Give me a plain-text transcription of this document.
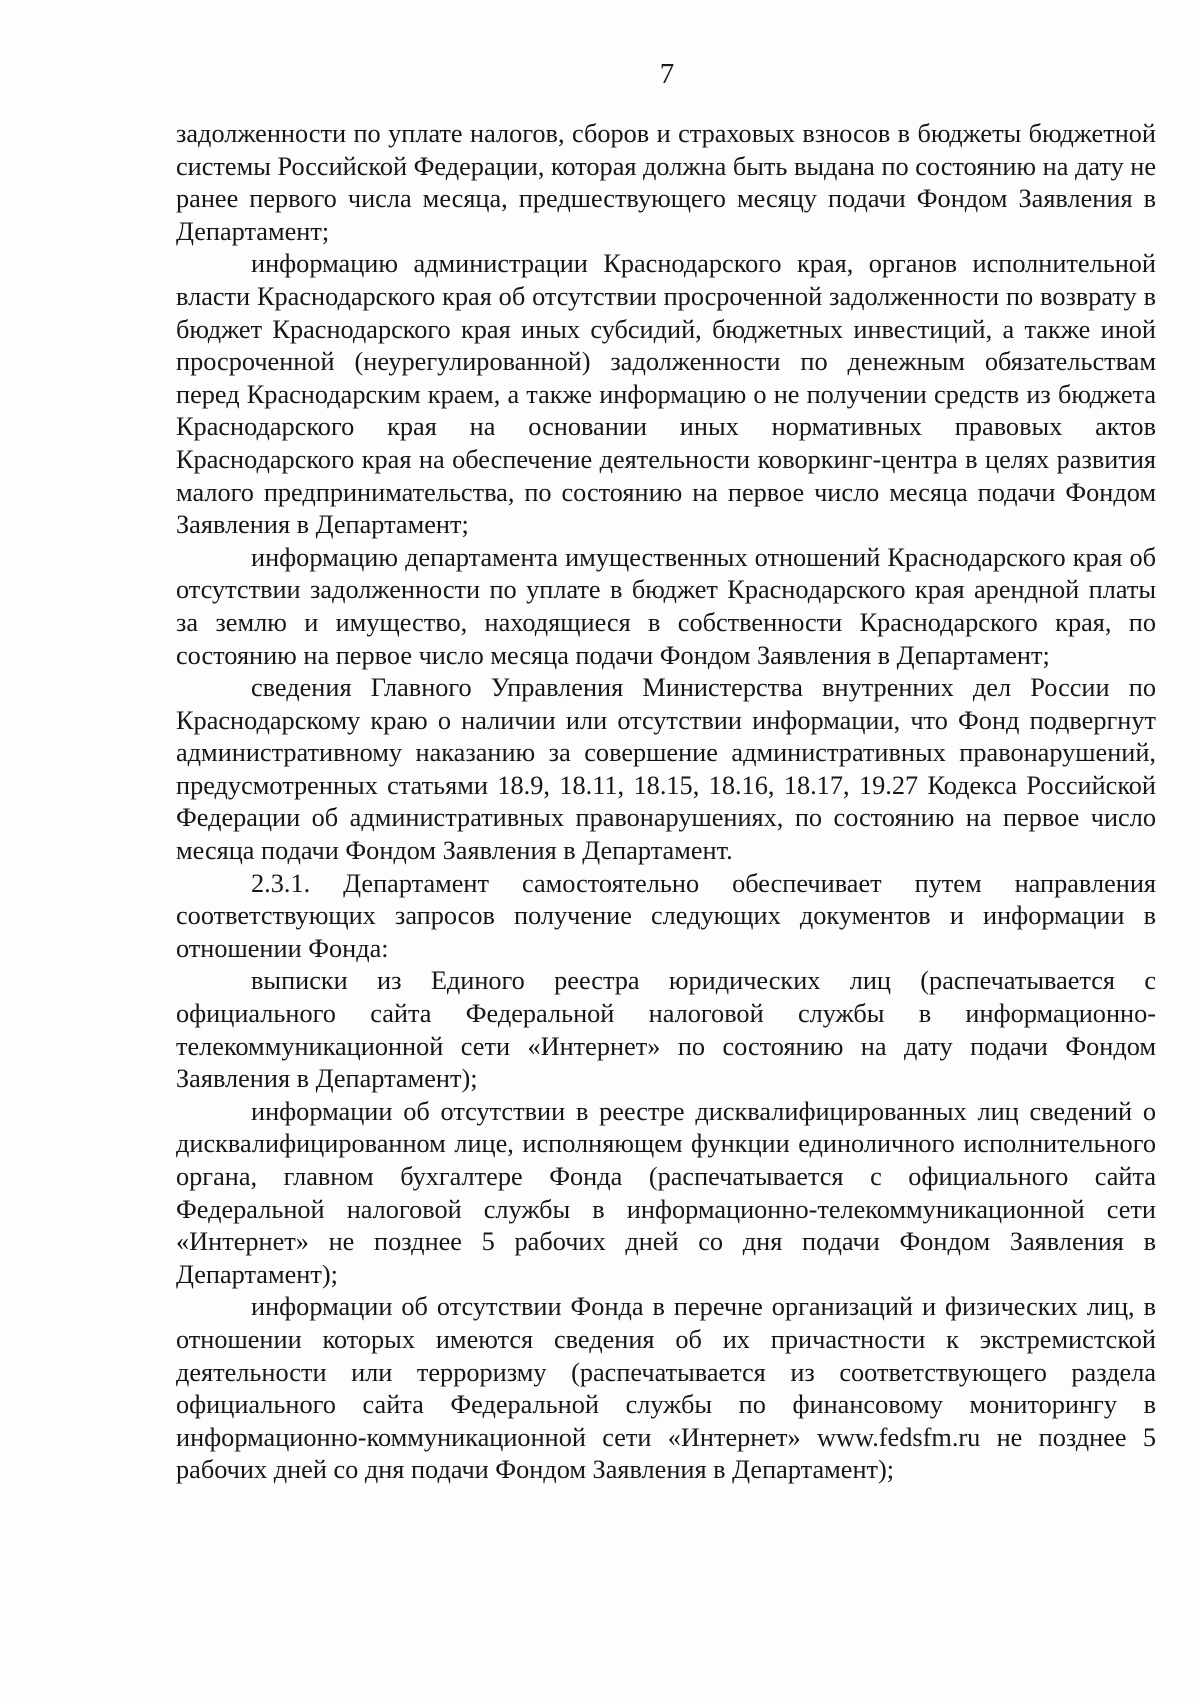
7

задолженности по уплате налогов, сборов и страховых взносов в бюджеты бюджетной системы Российской Федерации, которая должна быть выдана по состоянию на дату не ранее первого числа месяца, предшествующего месяцу подачи Фондом Заявления в Департамент;

информацию администрации Краснодарского края, органов исполнительной власти Краснодарского края об отсутствии просроченной задолженности по возврату в бюджет Краснодарского края иных субсидий, бюджетных инвестиций, а также иной просроченной (неурегулированной) задолженности по денежным обязательствам перед Краснодарским краем, а также информацию о не получении средств из бюджета Краснодарского края на основании иных нормативных правовых актов Краснодарского края на обеспечение деятельности коворкинг-центра в целях развития малого предпринимательства, по состоянию на первое число месяца подачи Фондом Заявления в Департамент;

информацию департамента имущественных отношений Краснодарского края об отсутствии задолженности по уплате в бюджет Краснодарского края арендной платы за землю и имущество, находящиеся в собственности Краснодарского края, по состоянию на первое число месяца подачи Фондом Заявления в Департамент;

сведения Главного Управления Министерства внутренних дел России по Краснодарскому краю о наличии или отсутствии информации, что Фонд подвергнут административному наказанию за совершение административных правонарушений, предусмотренных статьями 18.9, 18.11, 18.15, 18.16, 18.17, 19.27 Кодекса Российской Федерации об административных правонарушениях, по состоянию на первое число месяца подачи Фондом Заявления в Департамент.

2.3.1. Департамент самостоятельно обеспечивает путем направления соответствующих запросов получение следующих документов и информации в отношении Фонда:

выписки из Единого реестра юридических лиц (распечатывается с официального сайта Федеральной налоговой службы в информационно-телекоммуникационной сети «Интернет» по состоянию на дату подачи Фондом Заявления в Департамент);

информации об отсутствии в реестре дисквалифицированных лиц сведений о дисквалифицированном лице, исполняющем функции единоличного исполнительного органа, главном бухгалтере Фонда (распечатывается с официального сайта Федеральной налоговой службы в информационно-телекоммуникационной сети «Интернет» не позднее 5 рабочих дней со дня подачи Фондом Заявления в Департамент);

информации об отсутствии Фонда в перечне организаций и физических лиц, в отношении которых имеются сведения об их причастности к экстремистской деятельности или терроризму (распечатывается из соответствующего раздела официального сайта Федеральной службы по финансовому мониторингу в информационно-коммуникационной сети «Интернет» www.fedsfm.ru не позднее 5 рабочих дней со дня подачи Фондом Заявления в Департамент);
